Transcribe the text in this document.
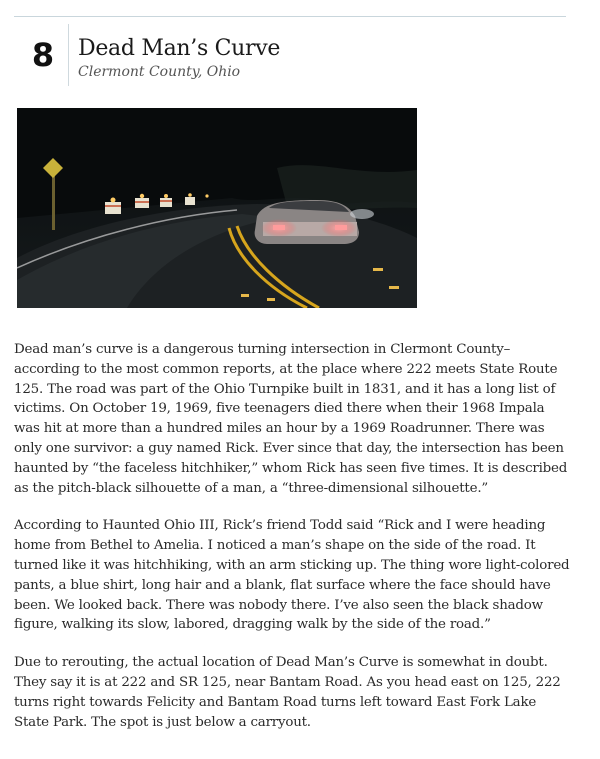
8	Dead Man’s Curve
Clermont County, Ohio

Dead man’s curve is a dangerous turning intersection in Clermont County–according to the most common reports, at the place where 222 meets State Route 125. The road was part of the Ohio Turnpike built in 1831, and it has a long list of victims. On October 19, 1969, five teenagers died there when their 1968 Impala was hit at more than a hundred miles an hour by a 1969 Roadrunner. There was only one survivor: a guy named Rick. Ever since that day, the intersection has been haunted by “the faceless hitchhiker,” whom Rick has seen five times. It is described as the pitch-black silhouette of a man, a “three-dimensional silhouette.”

According to Haunted Ohio III, Rick’s friend Todd said “Rick and I were heading home from Bethel to Amelia. I noticed a man’s shape on the side of the road. It turned like it was hitchhiking, with an arm sticking up. The thing wore light-colored pants, a blue shirt, long hair and a blank, flat surface where the face should have been. We looked back. There was nobody there. I’ve also seen the black shadow figure, walking its slow, labored, dragging walk by the side of the road.”

Due to rerouting, the actual location of Dead Man’s Curve is somewhat in doubt. They say it is at 222 and SR 125, near Bantam Road. As you head east on 125, 222 turns right towards Felicity and Bantam Road turns left toward East Fork Lake State Park. The spot is just below a carryout.
